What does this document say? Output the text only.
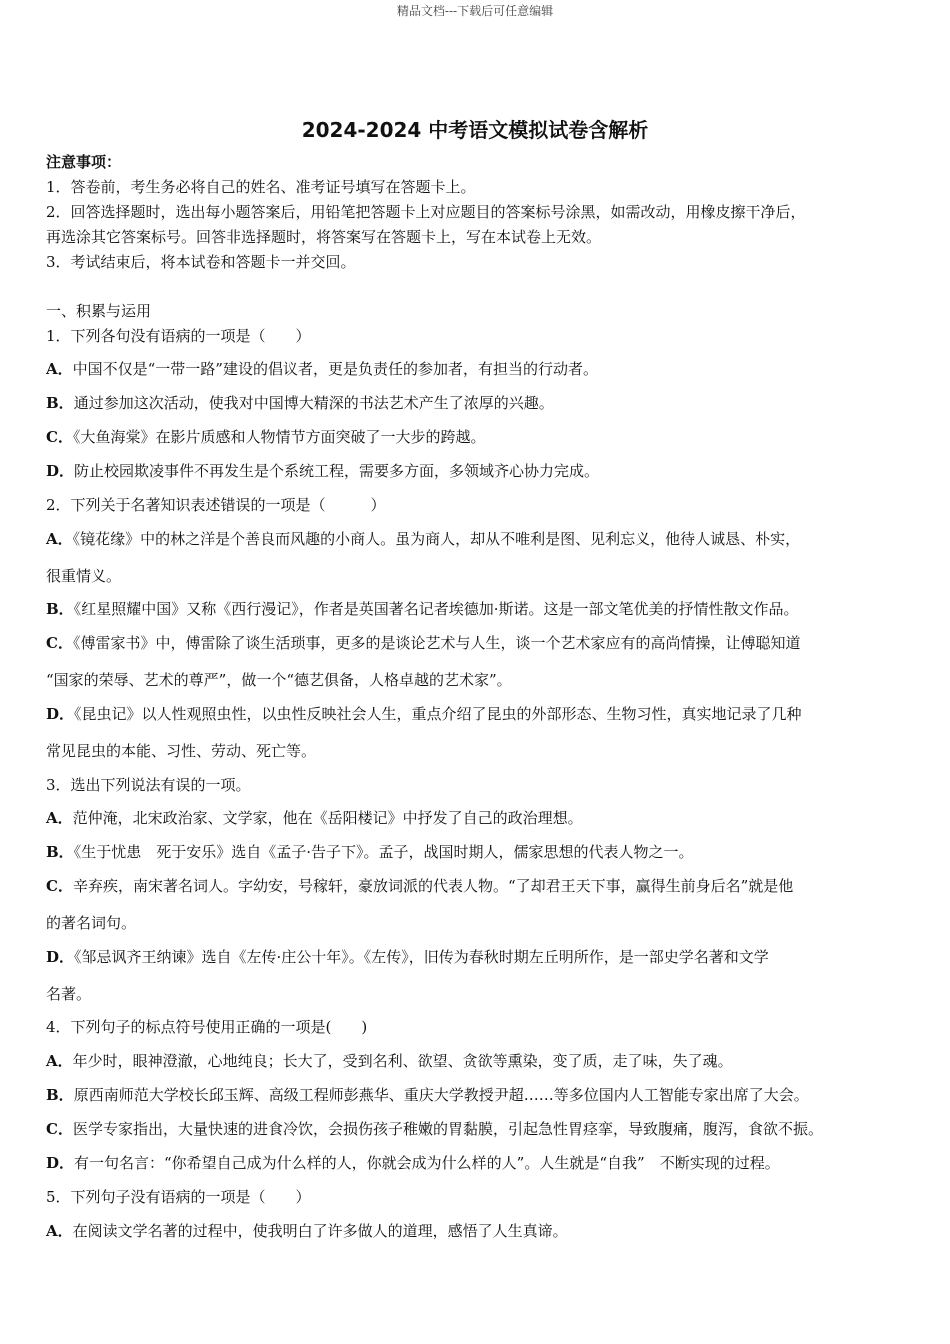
精品文档---下载后可任意编辑
2024-2024 中考语文模拟试卷含解析
注意事项：
1．答卷前，考生务必将自己的姓名、准考证号填写在答题卡上。
2．回答选择题时，选出每小题答案后，用铅笔把答题卡上对应题目的答案标号涂黑，如需改动，用橡皮擦干净后，
再选涂其它答案标号。回答非选择题时，将答案写在答题卡上，写在本试卷上无效。
3．考试结束后，将本试卷和答题卡一并交回。
一、积累与运用
1．下列各句没有语病的一项是（　　）
A．中国不仅是“一带一路”建设的倡议者，更是负责任的参加者，有担当的行动者。
B．通过参加这次活动，使我对中国博大精深的书法艺术产生了浓厚的兴趣。
C．《大鱼海棠》在影片质感和人物情节方面突破了一大步的跨越。
D．防止校园欺凌事件不再发生是个系统工程，需要多方面，多领域齐心协力完成。
2．下列关于名著知识表述错误的一项是（　　　）
A．《镜花缘》中的林之洋是个善良而风趣的小商人。虽为商人，却从不唯利是图、见利忘义，他待人诚恳、朴实，
很重情义。
B．《红星照耀中国》又称《西行漫记》，作者是英国著名记者埃德加·斯诺。这是一部文笔优美的抒情性散文作品。
C．《傅雷家书》中，傅雷除了谈生活琐事，更多的是谈论艺术与人生，谈一个艺术家应有的高尚情操，让傅聪知道
“国家的荣辱、艺术的尊严”，做一个“德艺俱备，人格卓越的艺术家”。
D．《昆虫记》以人性观照虫性，以虫性反映社会人生，重点介绍了昆虫的外部形态、生物习性，真实地记录了几种
常见昆虫的本能、习性、劳动、死亡等。
3．选出下列说法有误的一项。
A．范仲淹，北宋政治家、文学家，他在《岳阳楼记》中抒发了自己的政治理想。
B．《生于忧患　死于安乐》选自《孟子·告子下》。孟子，战国时期人，儒家思想的代表人物之一。
C．辛弃疾，南宋著名词人。字幼安，号稼轩，豪放词派的代表人物。“了却君王天下事，赢得生前身后名”就是他
的著名词句。
D．《邹忌讽齐王纳谏》选自《左传·庄公十年》。《左传》，旧传为春秋时期左丘明所作，是一部史学名著和文学
名著。
4．下列句子的标点符号使用正确的一项是(　　)
A．年少时，眼神澄澈，心地纯良；长大了，受到名利、欲望、贪欲等熏染，变了质，走了味，失了魂。
B．原西南师范大学校长邱玉辉、高级工程师彭燕华、重庆大学教授尹超……等多位国内人工智能专家出席了大会。
C．医学专家指出，大量快速的进食冷饮，会损伤孩子稚嫩的胃黏膜，引起急性胃痉挛，导致腹痛，腹泻，食欲不振。
D．有一句名言：“你希望自己成为什么样的人，你就会成为什么样的人”。人生就是“自我”　不断实现的过程。
5．下列句子没有语病的一项是（　　）
A．在阅读文学名著的过程中，使我明白了许多做人的道理，感悟了人生真谛。
